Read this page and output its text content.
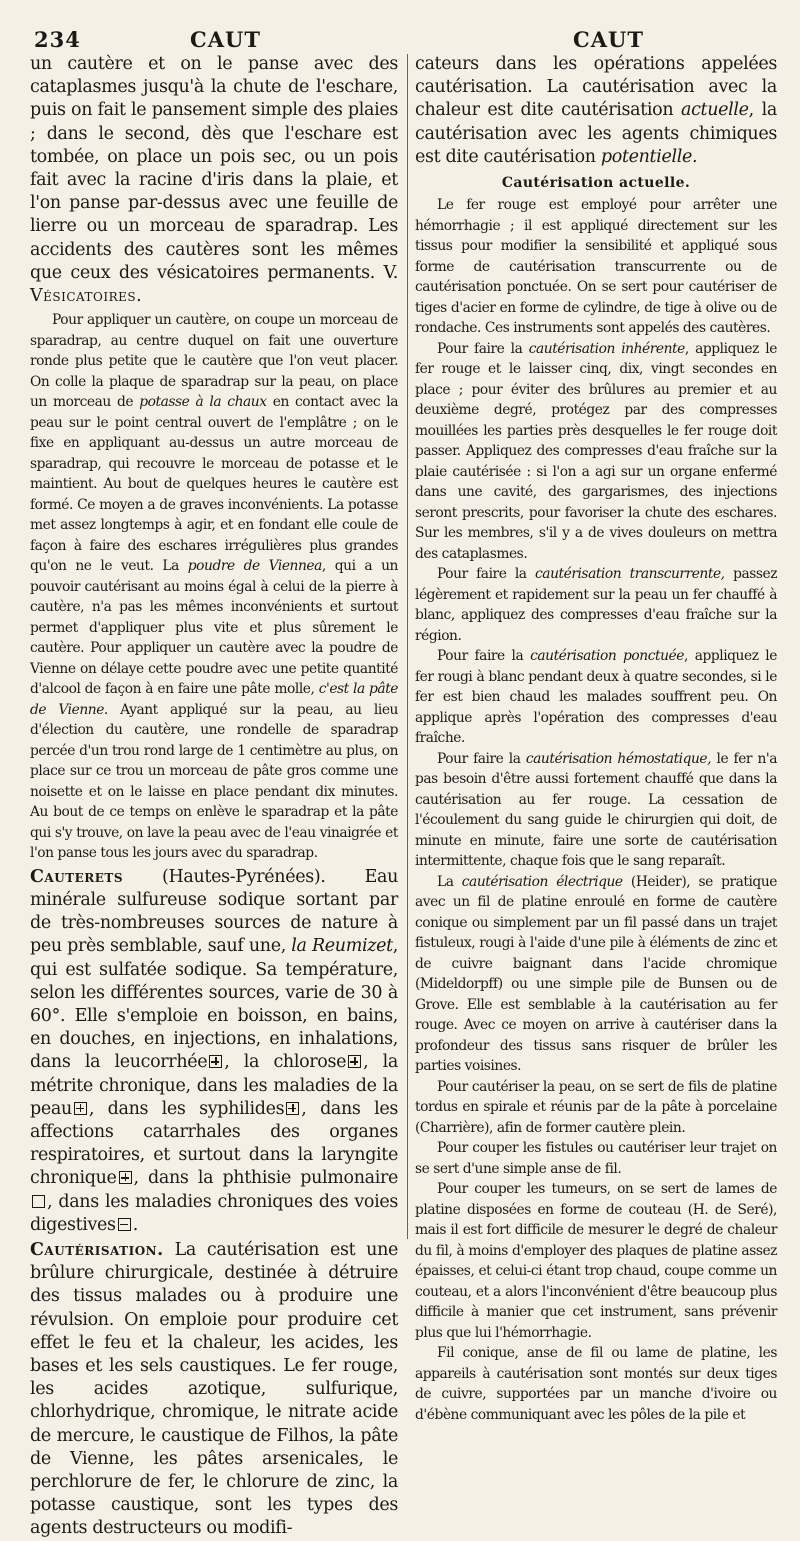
234	CAUT	CAUT

un cautère et on le panse avec des cataplasmes jusqu'à la chute de l'eschare, puis on fait le pansement simple des plaies ; dans le second, dès que l'eschare est tombée, on place un pois sec, ou un pois fait avec la racine d'iris dans la plaie, et l'on panse par-dessus avec une feuille de lierre ou un morceau de sparadrap. Les accidents des cautères sont les mêmes que ceux des vésicatoires permanents. V. Vésicatoires.

Pour appliquer un cautère, on coupe un morceau de sparadrap, au centre duquel on fait une ouverture ronde plus petite que le cautère que l'on veut placer. On colle la plaque de sparadrap sur la peau, on place un morceau de potasse à la chaux en contact avec la peau sur le point central ouvert de l'emplâtre ; on le fixe en appliquant au-dessus un autre morceau de sparadrap, qui recouvre le morceau de potasse et le maintient. Au bout de quelques heures le cautère est formé. Ce moyen a de graves inconvénients. La potasse met assez longtemps à agir, et en fondant elle coule de façon à faire des eschares irrégulières plus grandes qu'on ne le veut. La poudre de Viennea, qui a un pouvoir cautérisant au moins égal à celui de la pierre à cautère, n'a pas les mêmes inconvénients et surtout permet d'appliquer plus vite et plus sûrement le cautère. Pour appliquer un cautère avec la poudre de Vienne on délaye cette poudre avec une petite quantité d'alcool de façon à en faire une pâte molle, c'est la pâte de Vienne. Ayant appliqué sur la peau, au lieu d'élection du cautère, une rondelle de sparadrap percée d'un trou rond large de 1 centimètre au plus, on place sur ce trou un morceau de pâte gros comme une noisette et on le laisse en place pendant dix minutes. Au bout de ce temps on enlève le sparadrap et la pâte qui s'y trouve, on lave la peau avec de l'eau vinaigrée et l'on panse tous les jours avec du sparadrap.

Cauterets (Hautes-Pyrénées). Eau minérale sulfureuse sodique sortant par de très-nombreuses sources de nature à peu près semblable, sauf une, la Reumizet, qui est sulfatée sodique. Sa température, selon les différentes sources, varie de 30 à 60°. Elle s'emploie en boisson, en bains, en douches, en injections, en inhalations, dans la leucorrhée , la chlorose , la métrite chronique, dans les maladies de la peau , dans les syphilides , dans les affections catarrhales des organes respiratoires, et surtout dans la laryngite chronique , dans la phthisie pulmonaire, dans les maladies chroniques des voies digestives .

Cautérisation. La cautérisation est une brûlure chirurgicale, destinée à détruire des tissus malades ou à produire une révulsion. On emploie pour produire cet effet le feu et la chaleur, les acides, les bases et les sels caustiques. Le fer rouge, les acides azotique, sulfurique, chlorhydrique, chromique, le nitrate acide de mercure, le caustique de Filhos, la pâte de Vienne, les pâtes arsenicales, le perchlorure de fer, le chlorure de zinc, la potasse caustique, sont les types des agents destructeurs ou modifi-

cateurs dans les opérations appelées cautérisation. La cautérisation avec la chaleur est dite cautérisation actuelle, la cautérisation avec les agents chimiques est dite cautérisation potentielle.

Cautérisation actuelle.

Le fer rouge est employé pour arrêter une hémorrhagie ; il est appliqué directement sur les tissus pour modifier la sensibilité et appliqué sous forme de cautérisation transcurrente ou de cautérisation ponctuée. On se sert pour cautériser de tiges d'acier en forme de cylindre, de tige à olive ou de rondache. Ces instruments sont appelés des cautères.

Pour faire la cautérisation inhérente, appliquez le fer rouge et le laisser cinq, dix, vingt secondes en place ; pour éviter des brûlures au premier et au deuxième degré, protégez par des compresses mouillées les parties près desquelles le fer rouge doit passer. Appliquez des compresses d'eau fraîche sur la plaie cautérisée : si l'on a agi sur un organe enfermé dans une cavité, des gargarismes, des injections seront prescrits, pour favoriser la chute des eschares. Sur les membres, s'il y a de vives douleurs on mettra des cataplasmes.

Pour faire la cautérisation transcurrente, passez légèrement et rapidement sur la peau un fer chauffé à blanc, appliquez des compresses d'eau fraîche sur la région.

Pour faire la cautérisation ponctuée, appliquez le fer rougi à blanc pendant deux à quatre secondes, si le fer est bien chaud les malades souffrent peu. On applique après l'opération des compresses d'eau fraîche.

Pour faire la cautérisation hémostatique, le fer n'a pas besoin d'être aussi fortement chauffé que dans la cautérisation au fer rouge. La cessation de l'écoulement du sang guide le chirurgien qui doit, de minute en minute, faire une sorte de cautérisation intermittente, chaque fois que le sang reparaît.

La cautérisation électrique (Heider), se pratique avec un fil de platine enroulé en forme de cautère conique ou simplement par un fil passé dans un trajet fistuleux, rougi à l'aide d'une pile à éléments de zinc et de cuivre baignant dans l'acide chromique (Mideldorpff) ou une simple pile de Bunsen ou de Grove. Elle est semblable à la cautérisation au fer rouge. Avec ce moyen on arrive à cautériser dans la profondeur des tissus sans risquer de brûler les parties voisines.

Pour cautériser la peau, on se sert de fils de platine tordus en spirale et réunis par de la pâte à porcelaine (Charrière), afin de former cautère plein.

Pour couper les fistules ou cautériser leur trajet on se sert d'une simple anse de fil.

Pour couper les tumeurs, on se sert de lames de platine disposées en forme de couteau (H. de Seré), mais il est fort difficile de mesurer le degré de chaleur du fil, à moins d'employer des plaques de platine assez épaisses, et celui-ci étant trop chaud, coupe comme un couteau, et a alors l'inconvénient d'être beaucoup plus difficile à manier que cet instrument, sans prévenir plus que lui l'hémorrhagie.

Fil conique, anse de fil ou lame de platine, les appareils à cautérisation sont montés sur deux tiges de cuivre, supportées par un manche d'ivoire ou d'ébène communiquant avec les pôles de la pile et
